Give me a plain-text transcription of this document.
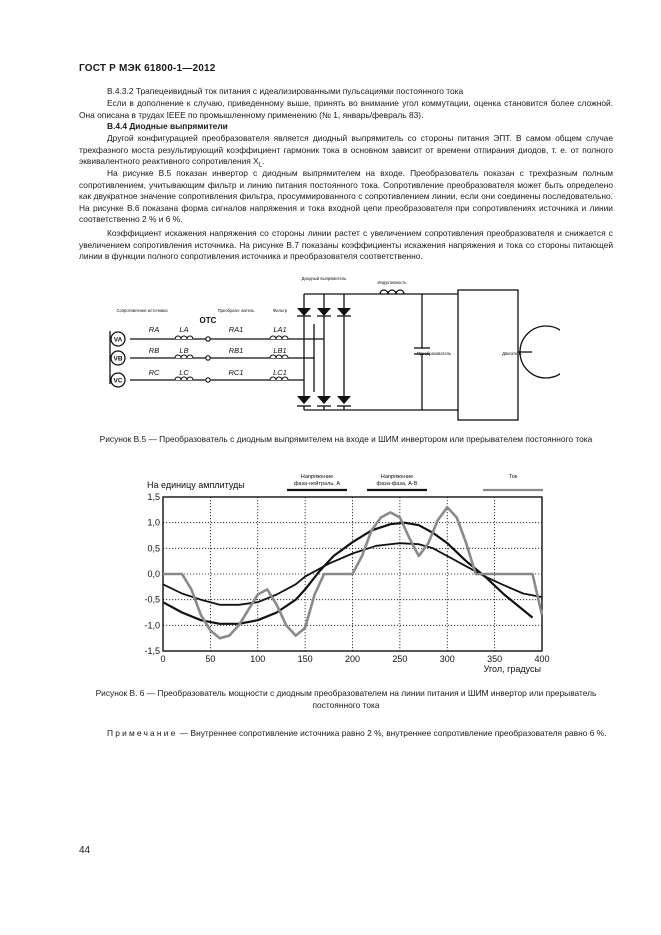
ГОСТ Р МЭК 61800-1—2012

В.4.3.2 Трапецеивидный ток питания с идеализированными пульсациями постоянного тока

Если в дополнение к случаю, приведенному выше, принять во внимание угол коммутации, оценка становится более сложной. Она описана в трудах IEEE по промышленному применению (№ 1, январь/февраль 83).

В.4.4 Диодные выпрямители

Другой конфигурацией преобразователя является диодный выпрямитель со стороны питания ЭПТ. В самом общем случае трехфазного моста результирующий коэффициент гармоник тока в основном зависит от времени отпирания диодов, т. е. от полного эквивалентного реактивного сопротивления $X_L$.

На рисунке В.5 показан инвертор с диодным выпрямителем на входе. Преобразователь показан с трехфазным полным сопротивлением, учитывающим фильтр и линию питания постоянного тока. Сопротивление преобразователя может быть определено как двукратное значение сопротивления фильтра, просуммированного с сопротивлением линии, если они соединены последовательно. На рисунке В.6 показана форма сигналов напряжения и тока входной цепи преобразователя при сопротивлениях источника и линии соответственно 2 % и 6 %.

Коэффициент искажения напряжения со стороны линии растет с увеличением сопротивления преобразователя и снижается с увеличением сопротивления источника. На рисунке В.7 показаны коэффициенты искажения напряжения и тока со стороны питающей линии в функции полного сопротивления источника и преобразователя соответственно.

VA
VB
VC
RA
RB
RC
LA
LB
LC
RA1
RB1
RC1
LA1
LB1
LC1
ОТС
Сопротивление источника	Преобразо- ватель	Фильтр
Диодный выпрямитель
Индуктивность
Преобразователь	Двигатель
Рисунок В.5 — Преобразователь с диодным выпрямителем на входе и ШИМ инвертором или прерывателем постоянного тока
0	50	100	150	200	250	300	350	400
1,5
1,0
0,5
0,0
-0,5
-1,0
-1,5
Напряжение
фаза-нейтраль, А
Напряжение
фаза-фаза, А-В
Ток
На единицу амплитуды
Угол, градусы
Рисунок В. 6 — Преобразователь мощности с диодным преобразователем на линии питания и ШИМ инвертор или прерыватель постоянного тока
Примечание — Внутреннее сопротивление источника равно 2 %, внутреннее сопротивление преобразователя равно 6 %.
44
